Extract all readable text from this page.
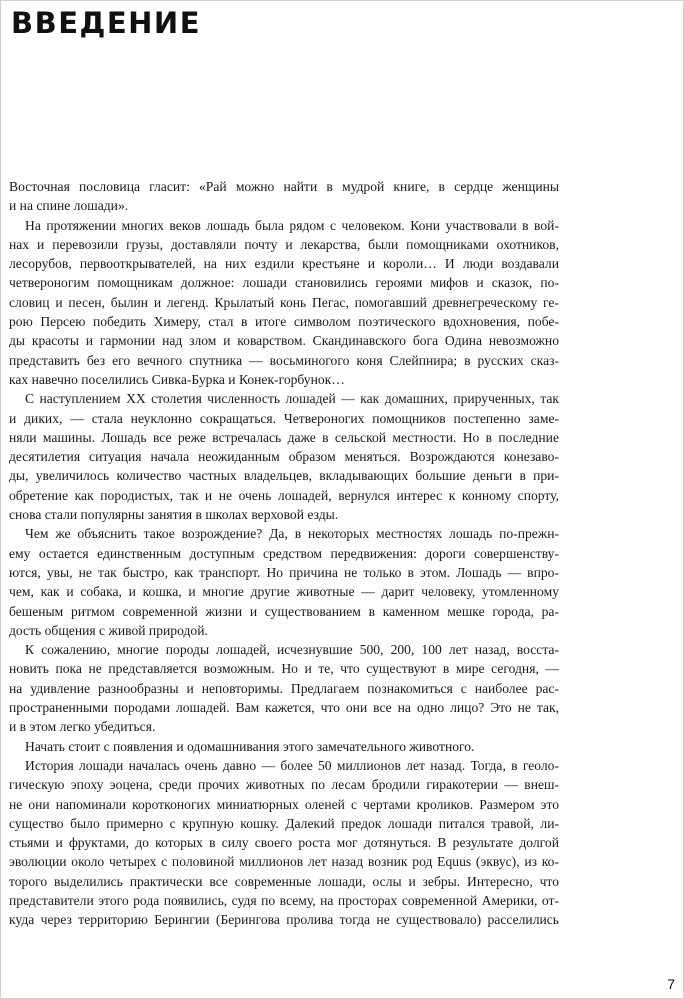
ВВЕДЕНИЕ
Восточная пословица гласит: «Рай можно найти в мудрой книге, в сердце женщины
и на спине лошади».
На протяжении многих веков лошадь была рядом с человеком. Кони участвовали в вой-
нах и перевозили грузы, доставляли почту и лекарства, были помощниками охотников,
лесорубов, первооткрывателей, на них ездили крестьяне и короли… И люди воздавали
четвероногим помощникам должное: лошади становились героями мифов и сказок, по-
словиц и песен, былин и легенд. Крылатый конь Пегас, помогавший древнегреческому ге-
рою Персею победить Химеру, стал в итоге символом поэтического вдохновения, побе-
ды красоты и гармонии над злом и коварством. Скандинавского бога Одина невозможно
представить без его вечного спутника — восьминогого коня Слейпнира; в русских сказ-
ках навечно поселились Сивка-Бурка и Конек-горбунок…
С наступлением XX столетия численность лошадей — как домашних, прирученных, так
и диких, — стала неуклонно сокращаться. Четвероногих помощников постепенно заме-
няли машины. Лошадь все реже встречалась даже в сельской местности. Но в последние
десятилетия ситуация начала неожиданным образом меняться. Возрождаются конезаво-
ды, увеличилось количество частных владельцев, вкладывающих большие деньги в при-
обретение как породистых, так и не очень лошадей, вернулся интерес к конному спорту,
снова стали популярны занятия в школах верховой езды.
Чем же объяснить такое возрождение? Да, в некоторых местностях лошадь по-прежн-
ему остается единственным доступным средством передвижения: дороги совершенству-
ются, увы, не так быстро, как транспорт. Но причина не только в этом. Лошадь — впро-
чем, как и собака, и кошка, и многие другие животные — дарит человеку, утомленному
бешеным ритмом современной жизни и существованием в каменном мешке города, ра-
дость общения с живой природой.
К сожалению, многие породы лошадей, исчезнувшие 500, 200, 100 лет назад, восста-
новить пока не представляется возможным. Но и те, что существуют в мире сегодня, —
на удивление разнообразны и неповторимы. Предлагаем познакомиться с наиболее рас-
пространенными породами лошадей. Вам кажется, что они все на одно лицо? Это не так,
и в этом легко убедиться.
Начать стоит с появления и одомашнивания этого замечательного животного.
История лошади началась очень давно — более 50 миллионов лет назад. Тогда, в геоло-
гическую эпоху эоцена, среди прочих животных по лесам бродили гиракотерии — внеш-
не они напоминали коротконогих миниатюрных оленей с чертами кроликов. Размером это
существо было примерно с крупную кошку. Далекий предок лошади питался травой, ли-
стьями и фруктами, до которых в силу своего роста мог дотянуться. В результате долгой
эволюции около четырех с половиной миллионов лет назад возник род Equus (эквус), из ко-
торого выделились практически все современные лошади, ослы и зебры. Интересно, что
представители этого рода появились, судя по всему, на просторах современной Америки, от-
куда через территорию Берингии (Берингова пролива тогда не существовало) расселились
7
